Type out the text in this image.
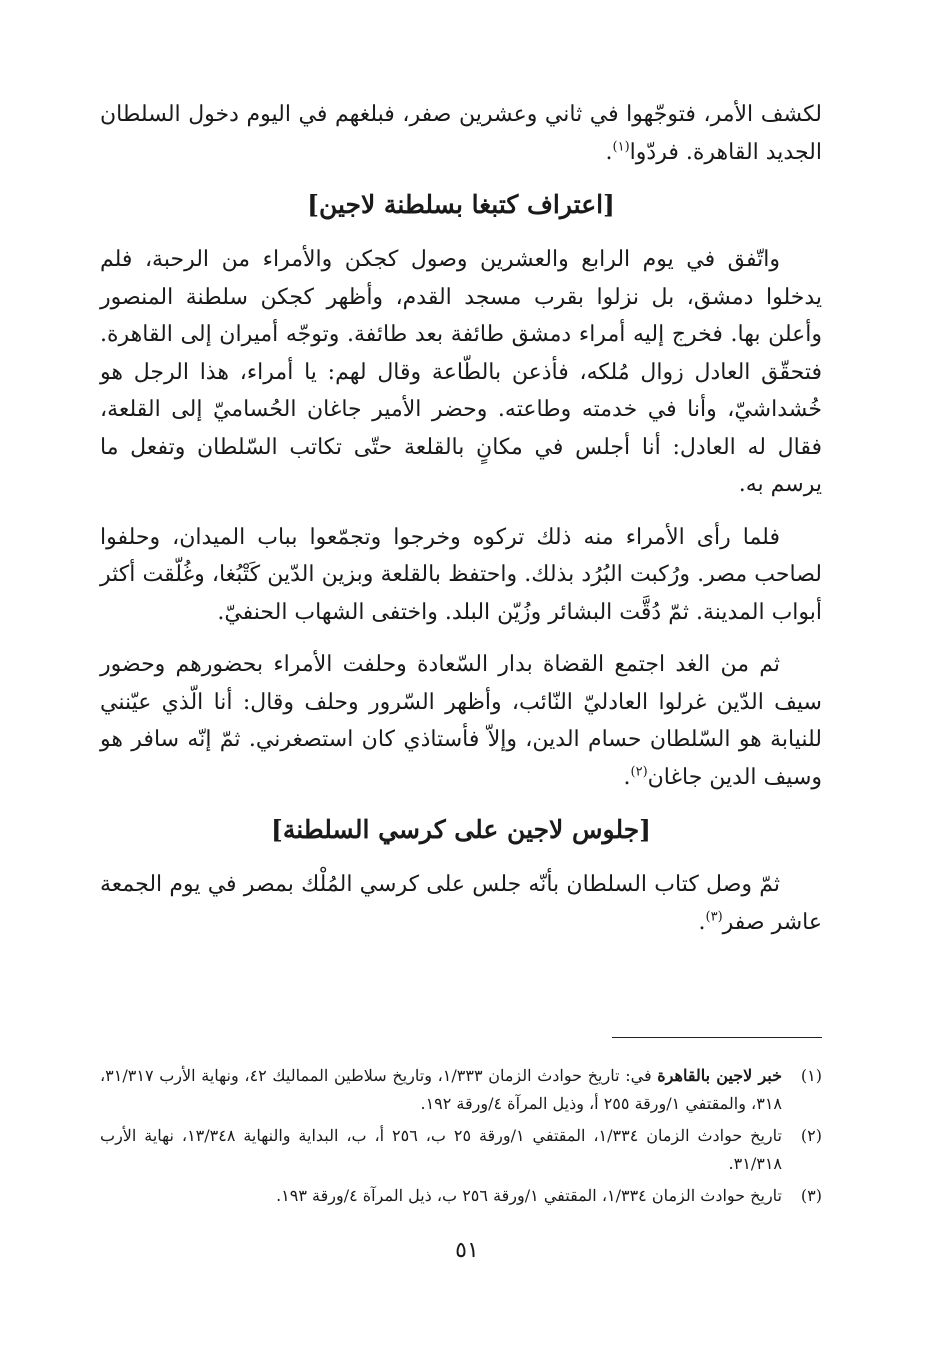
لكشف الأمر، فتوجّهوا في ثاني وعشرين صفر، فبلغهم في اليوم دخول السلطان الجديد القاهرة. فردّوا$^{(١)}$.

[اعتراف كتبغا بسلطنة لاجين]

واتّفق في يوم الرابع والعشرين وصول كجكن والأمراء من الرحبة، فلم يدخلوا دمشق، بل نزلوا بقرب مسجد القدم، وأظهر كجكن سلطنة المنصور وأعلن بها. فخرج إليه أمراء دمشق طائفة بعد طائفة. وتوجّه أميران إلى القاهرة. فتحقّق العادل زوال مُلكه، فأذعن بالطّاعة وقال لهم: يا أمراء، هذا الرجل هو خُشداشيّ، وأنا في خدمته وطاعته. وحضر الأمير جاغان الحُساميّ إلى القلعة، فقال له العادل: أنا أجلس في مكانٍ بالقلعة حتّى تكاتب السّلطان وتفعل ما يرسم به.

فلما رأى الأمراء منه ذلك تركوه وخرجوا وتجمّعوا بباب الميدان، وحلفوا لصاحب مصر. ورُكبت البُرُد بذلك. واحتفظ بالقلعة وبزين الدّين كَتْبُغا، وغُلّقت أكثر أبواب المدينة. ثمّ دُقَّت البشائر وزُيّن البلد. واختفى الشهاب الحنفيّ.

ثم من الغد اجتمع القضاة بدار السّعادة وحلفت الأمراء بحضورهم وحضور سيف الدّين غرلوا العادليّ النّائب، وأظهر السّرور وحلف وقال: أنا الّذي عيّنني للنيابة هو السّلطان حسام الدين، وإلاّ فأستاذي كان استصغرني. ثمّ إنّه سافر هو وسيف الدين جاغان$^{(٢)}$.

[جلوس لاجين على كرسي السلطنة]

ثمّ وصل كتاب السلطان بأنّه جلس على كرسي المُلْك بمصر في يوم الجمعة عاشر صفر$^{(٣)}$.

(١)
خبر لاجين بالقاهرة في: تاريخ حوادث الزمان ١/٣٣٣، وتاريخ سلاطين المماليك ٤٢، ونهاية الأرب ٣١/٣١٧، ٣١٨، والمقتفي ١/ورقة ٢٥٥ أ، وذيل المرآة ٤/ورقة ١٩٢.
(٢)
تاريخ حوادث الزمان ١/٣٣٤، المقتفي ١/ورقة ٢٥ ب، ٢٥٦ أ، ب، البداية والنهاية ١٣/٣٤٨، نهاية الأرب ٣١/٣١٨.
(٣)
تاريخ حوادث الزمان ١/٣٣٤، المقتفي ١/ورقة ٢٥٦ ب، ذيل المرآة ٤/ورقة ١٩٣.
٥١
